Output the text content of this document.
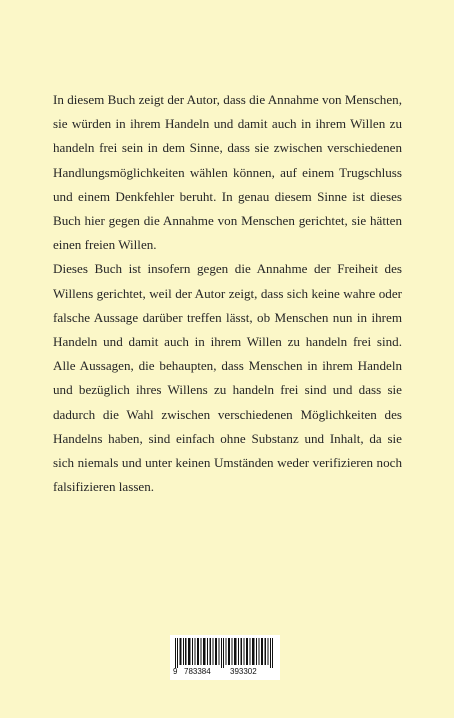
In diesem Buch zeigt der Autor, dass die Annahme von Menschen, sie würden in ihrem Handeln und damit auch in ihrem Willen zu handeln frei sein in dem Sinne, dass sie zwischen verschiedenen Handlungsmöglichkeiten wählen können, auf einem Trugschluss und einem Denkfehler beruht. In genau diesem Sinne ist dieses Buch hier gegen die Annahme von Menschen gerichtet, sie hätten einen freien Willen.

Dieses Buch ist insofern gegen die Annahme der Freiheit des Willens gerichtet, weil der Autor zeigt, dass sich keine wahre oder falsche Aussage darüber treffen lässt, ob Menschen nun in ihrem Handeln und damit auch in ihrem Willen zu handeln frei sind. Alle Aussagen, die behaupten, dass Menschen in ihrem Handeln und bezüglich ihres Willens zu handeln frei sind und dass sie dadurch die Wahl zwischen verschiedenen Möglichkeiten des Handelns haben, sind einfach ohne Substanz und Inhalt, da sie sich niemals und unter keinen Umständen weder verifizieren noch falsifizieren lassen.

9 783384 393302
